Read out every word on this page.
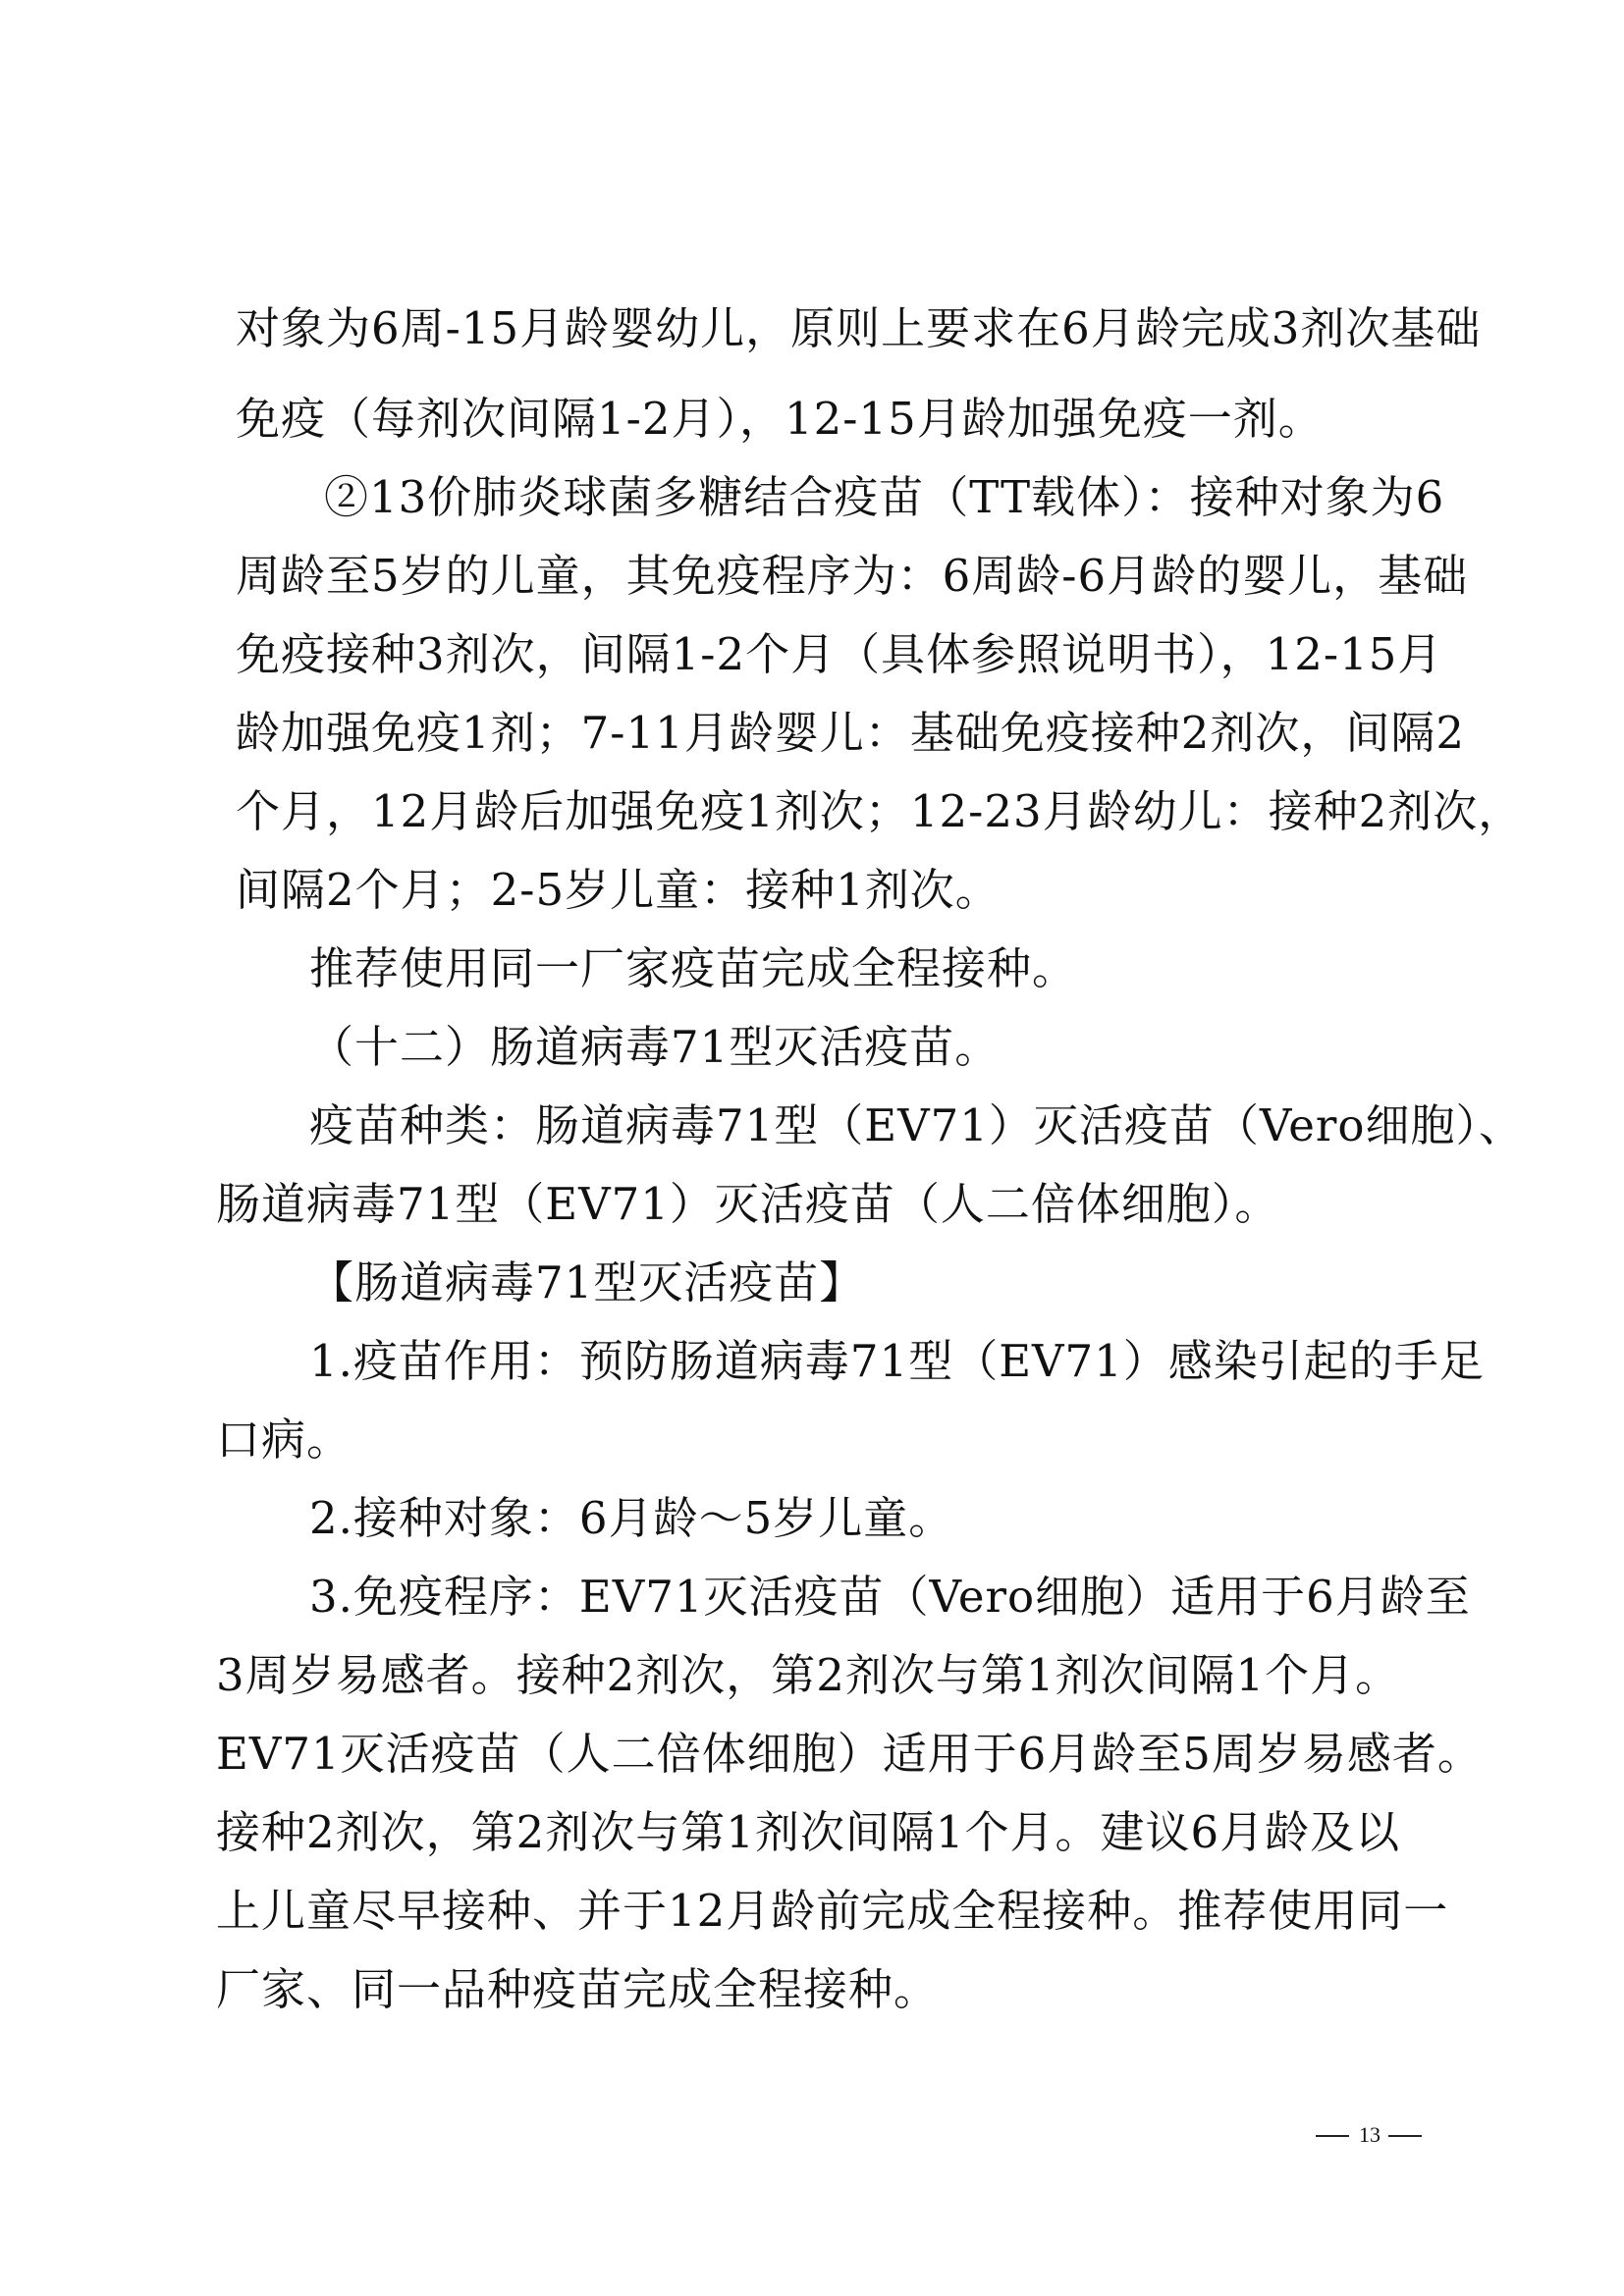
对象为6周-15月龄婴幼儿，原则上要求在6月龄完成3剂次基础
免疫（每剂次间隔1-2月），12-15月龄加强免疫一剂。
②13价肺炎球菌多糖结合疫苗（TT载体）：接种对象为6
周龄至5岁的儿童，其免疫程序为：6周龄-6月龄的婴儿，基础
免疫接种3剂次，间隔1-2个月（具体参照说明书），12-15月
龄加强免疫1剂；7-11月龄婴儿：基础免疫接种2剂次，间隔2
个月，12月龄后加强免疫1剂次；12-23月龄幼儿：接种2剂次，
间隔2个月；2-5岁儿童：接种1剂次。
推荐使用同一厂家疫苗完成全程接种。
（十二）肠道病毒71型灭活疫苗。
疫苗种类：肠道病毒71型（EV71）灭活疫苗（Vero细胞）、
肠道病毒71型（EV71）灭活疫苗（人二倍体细胞）。
【肠道病毒71型灭活疫苗】
1.疫苗作用：预防肠道病毒71型（EV71）感染引起的手足
口病。
2.接种对象：6月龄～5岁儿童。
3.免疫程序：EV71灭活疫苗（Vero细胞）适用于6月龄至
3周岁易感者。接种2剂次，第2剂次与第1剂次间隔1个月。
EV71灭活疫苗（人二倍体细胞）适用于6月龄至5周岁易感者。
接种2剂次，第2剂次与第1剂次间隔1个月。建议6月龄及以
上儿童尽早接种、并于12月龄前完成全程接种。推荐使用同一
厂家、同一品种疫苗完成全程接种。
13
